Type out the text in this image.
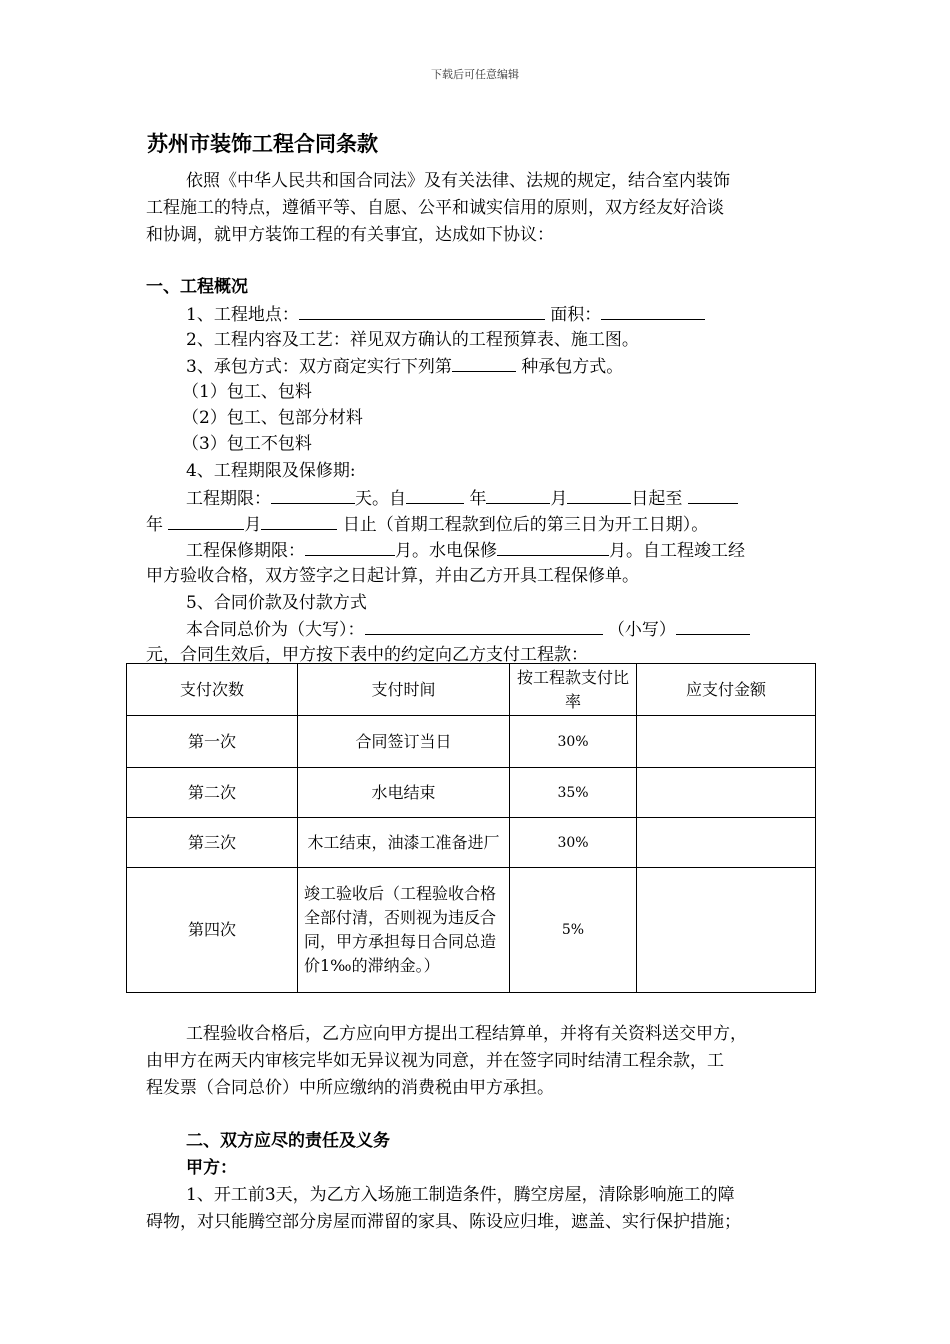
下载后可任意编辑
苏州市装饰工程合同条款
依照《中华人民共和国合同法》及有关法律、法规的规定，结合室内装饰
工程施工的特点，遵循平等、自愿、公平和诚实信用的原则，双方经友好洽谈
和协调，就甲方装饰工程的有关事宜，达成如下协议：
一、工程概况
1、工程地点：	面积：
2、工程内容及工艺：祥见双方确认的工程预算表、施工图。
3、承包方式：双方商定实行下列第	种承包方式。
（1）包工、包料
（2）包工、包部分材料
（3）包工不包料
4、工程期限及保修期:
工程期限：	天。自	年	月	日起至
年	月	日止（首期工程款到位后的第三日为开工日期）。
工程保修期限：	月。水电保修	月。自工程竣工经
甲方验收合格，双方签字之日起计算，并由乙方开具工程保修单。
5、合同价款及付款方式
本合同总价为（大写）：	（小写）
元，合同生效后，甲方按下表中的约定向乙方支付工程款：
支付次数	支付时间	按工程款支付比率	应支付金额
第一次	合同签订当日	30%	
第二次	水电结束	35%	
第三次	木工结束，油漆工准备进厂	30%	
第四次	竣工验收后（工程验收合格全部付清，否则视为违反合同，甲方承担每日合同总造价1‰的滞纳金。）	5%	
工程验收合格后，乙方应向甲方提出工程结算单，并将有关资料送交甲方，
由甲方在两天内审核完毕如无异议视为同意，并在签字同时结清工程余款，工
程发票（合同总价）中所应缴纳的消费税由甲方承担。
二、双方应尽的责任及义务
甲方：
1、开工前3天，为乙方入场施工制造条件，腾空房屋，清除影响施工的障
碍物，对只能腾空部分房屋而滞留的家具、陈设应归堆，遮盖、实行保护措施；
